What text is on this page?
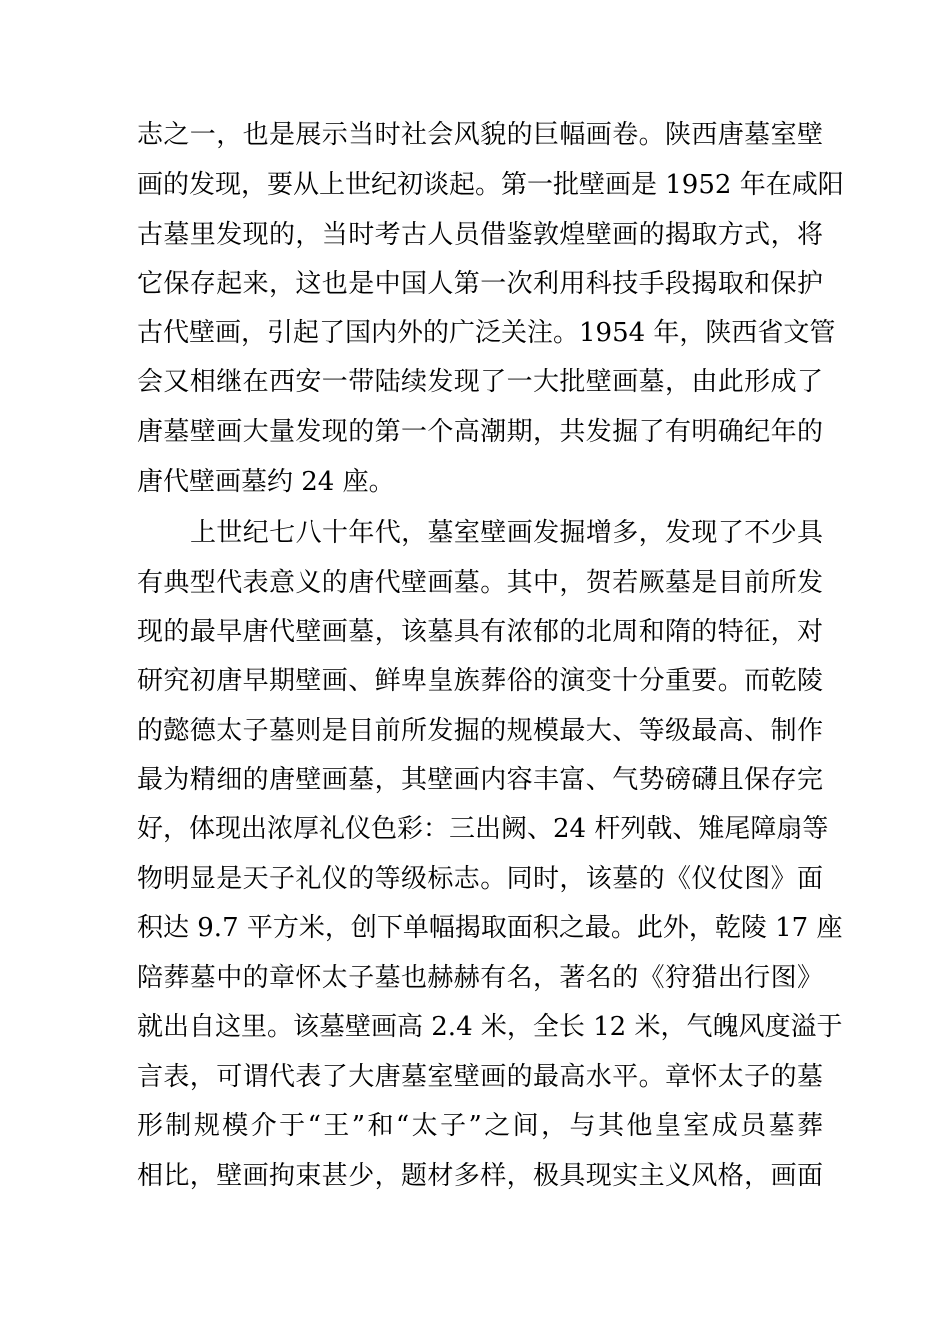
志之一，也是展示当时社会风貌的巨幅画卷。陕西唐墓室壁
画的发现，要从上世纪初谈起。第一批壁画是 1952 年在咸阳
古墓里发现的，当时考古人员借鉴敦煌壁画的揭取方式，将
它保存起来，这也是中国人第一次利用科技手段揭取和保护
古代壁画，引起了国内外的广泛关注。1954 年，陕西省文管
会又相继在西安一带陆续发现了一大批壁画墓，由此形成了
唐墓壁画大量发现的第一个高潮期，共发掘了有明确纪年的
唐代壁画墓约 24 座。
上世纪七八十年代，墓室壁画发掘增多，发现了不少具
有典型代表意义的唐代壁画墓。其中，贺若厥墓是目前所发
现的最早唐代壁画墓，该墓具有浓郁的北周和隋的特征，对
研究初唐早期壁画、鲜卑皇族葬俗的演变十分重要。而乾陵
的懿德太子墓则是目前所发掘的规模最大、等级最高、制作
最为精细的唐壁画墓，其壁画内容丰富、气势磅礴且保存完
好，体现出浓厚礼仪色彩：三出阙、24 杆列戟、雉尾障扇等
物明显是天子礼仪的等级标志。同时，该墓的《仪仗图》面
积达 9.7 平方米，创下单幅揭取面积之最。此外，乾陵 17 座
陪葬墓中的章怀太子墓也赫赫有名，著名的《狩猎出行图》
就出自这里。该墓壁画高 2.4 米，全长 12 米，气魄风度溢于
言表，可谓代表了大唐墓室壁画的最高水平。章怀太子的墓
形制规模介于“王”和“太子”之间，与其他皇室成员墓葬
相比，壁画拘束甚少，题材多样，极具现实主义风格，画面
